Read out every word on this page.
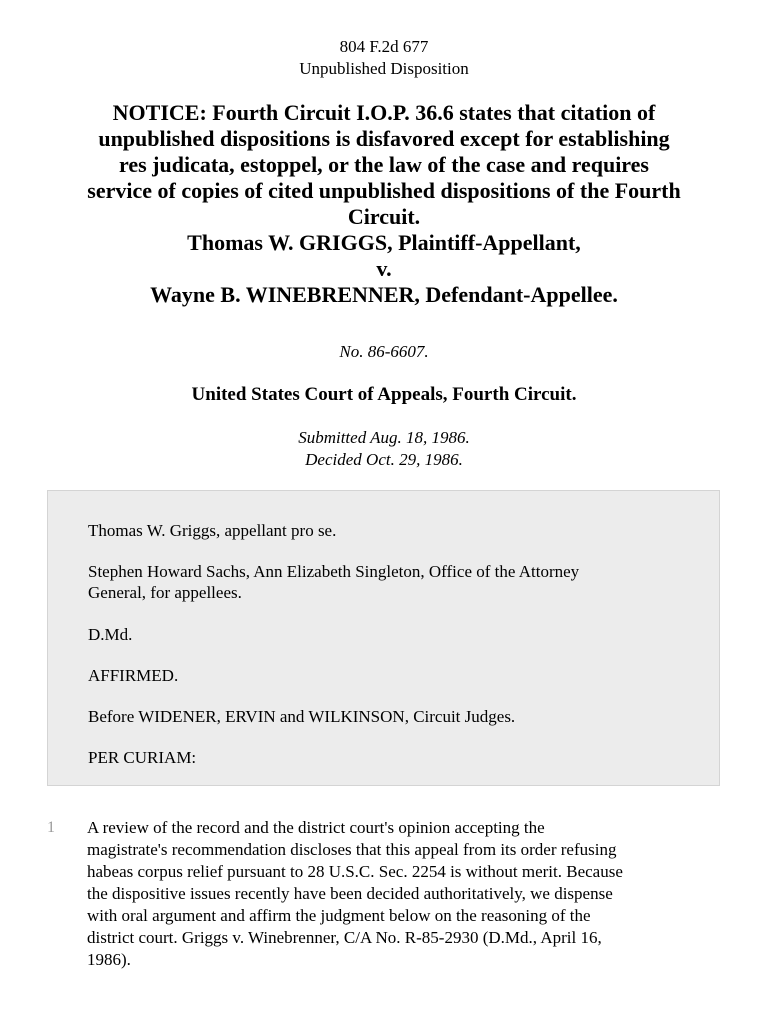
804 F.2d 677
Unpublished Disposition
NOTICE: Fourth Circuit I.O.P. 36.6 states that citation of
unpublished dispositions is disfavored except for establishing
res judicata, estoppel, or the law of the case and requires
service of copies of cited unpublished dispositions of the Fourth
Circuit.
Thomas W. GRIGGS, Plaintiff-Appellant,
v.
Wayne B. WINEBRENNER, Defendant-Appellee.
No. 86-6607.
United States Court of Appeals, Fourth Circuit.
Submitted Aug. 18, 1986.
Decided Oct. 29, 1986.
Thomas W. Griggs, appellant pro se.
Stephen Howard Sachs, Ann Elizabeth Singleton, Office of the Attorney
General, for appellees.
D.Md.
AFFIRMED.
Before WIDENER, ERVIN and WILKINSON, Circuit Judges.
PER CURIAM:
1 A review of the record and the district court's opinion accepting the
magistrate's recommendation discloses that this appeal from its order refusing
habeas corpus relief pursuant to 28 U.S.C. Sec. 2254 is without merit. Because
the dispositive issues recently have been decided authoritatively, we dispense
with oral argument and affirm the judgment below on the reasoning of the
district court. Griggs v. Winebrenner, C/A No. R-85-2930 (D.Md., April 16,
1986).
